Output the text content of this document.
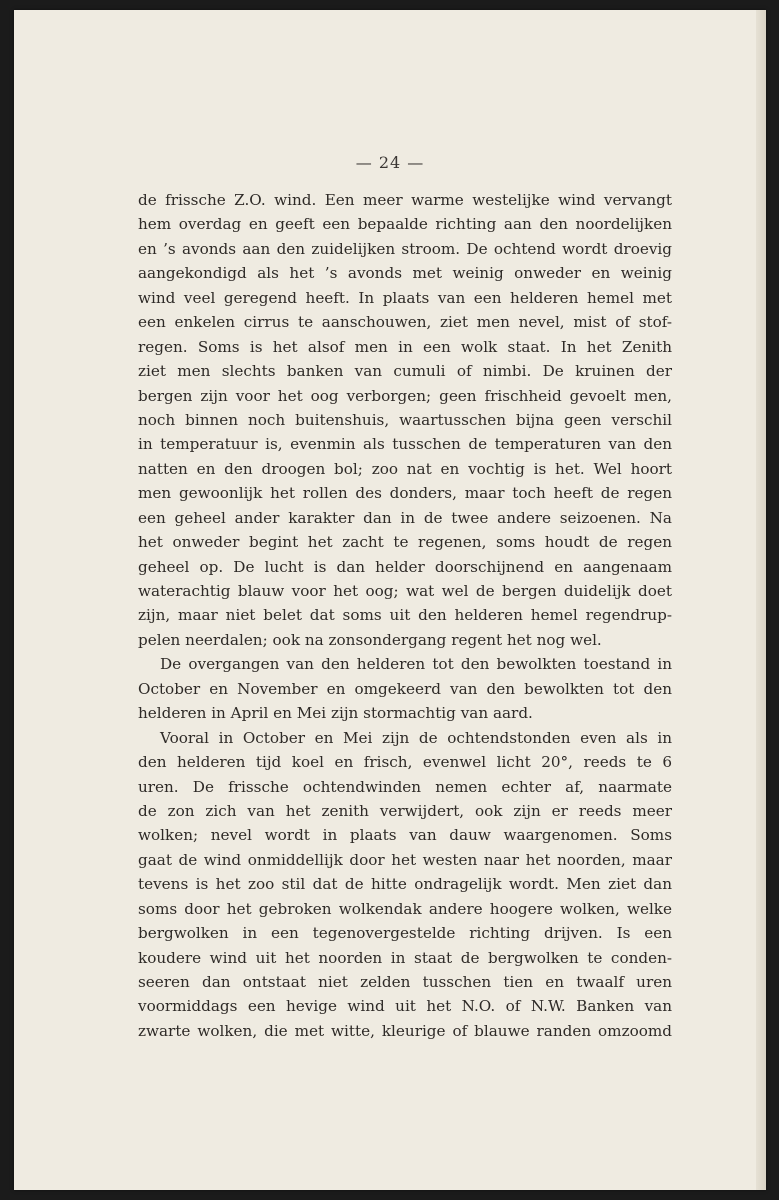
— 24 —
de frissche Z.O. wind. Een meer warme westelijke wind vervangt
hem overdag en geeft een bepaalde richting aan den noordelijken
en ’s avonds aan den zuidelijken stroom. De ochtend wordt droevig
aangekondigd als het ’s avonds met weinig onweder en weinig
wind veel geregend heeft. In plaats van een helderen hemel met
een enkelen cirrus te aanschouwen, ziet men nevel, mist of stof-
regen. Soms is het alsof men in een wolk staat. In het Zenith
ziet men slechts banken van cumuli of nimbi. De kruinen der
bergen zijn voor het oog verborgen; geen frischheid gevoelt men,
noch binnen noch buitenshuis, waartusschen bijna geen verschil
in temperatuur is, evenmin als tusschen de temperaturen van den
natten en den droogen bol; zoo nat en vochtig is het. Wel hoort
men gewoonlijk het rollen des donders, maar toch heeft de regen
een geheel ander karakter dan in de twee andere seizoenen. Na
het onweder begint het zacht te regenen, soms houdt de regen
geheel op. De lucht is dan helder doorschijnend en aangenaam
waterachtig blauw voor het oog; wat wel de bergen duidelijk doet
zijn, maar niet belet dat soms uit den helderen hemel regendrup-
pelen neerdalen; ook na zonsondergang regent het nog wel.
De overgangen van den helderen tot den bewolkten toestand in
October en November en omgekeerd van den bewolkten tot den
helderen in April en Mei zijn stormachtig van aard.
Vooral in October en Mei zijn de ochtendstonden even als in
den helderen tijd koel en frisch, evenwel licht 20°, reeds te 6
uren. De frissche ochtendwinden nemen echter af, naarmate
de zon zich van het zenith verwijdert, ook zijn er reeds meer
wolken; nevel wordt in plaats van dauw waargenomen. Soms
gaat de wind onmiddellijk door het westen naar het noorden, maar
tevens is het zoo stil dat de hitte ondragelijk wordt. Men ziet dan
soms door het gebroken wolkendak andere hoogere wolken, welke
bergwolken in een tegenovergestelde richting drijven. Is een
koudere wind uit het noorden in staat de bergwolken te conden-
seeren dan ontstaat niet zelden tusschen tien en twaalf uren
voormiddags een hevige wind uit het N.O. of N.W. Banken van
zwarte wolken, die met witte, kleurige of blauwe randen omzoomd
